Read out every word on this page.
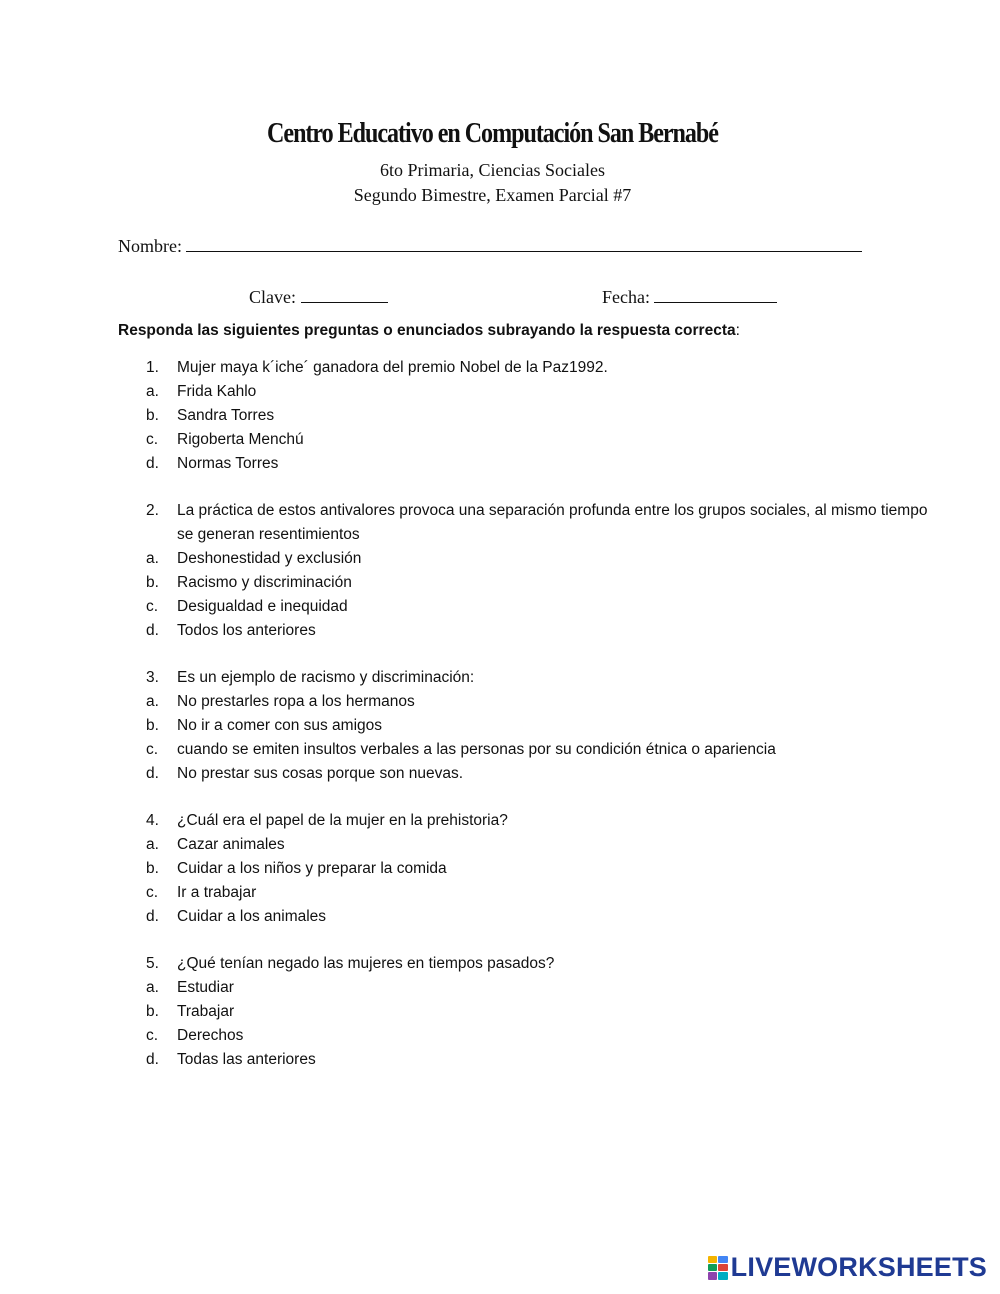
Centro Educativo en Computación San Bernabé
6to Primaria, Ciencias Sociales
Segundo Bimestre, Examen Parcial #7
Nombre:
Clave:	Fecha:
Responda las siguientes preguntas o enunciados subrayando la respuesta correcta:
1.	Mujer maya k´iche´ ganadora del premio Nobel de la Paz1992.
a.	Frida Kahlo
b.	Sandra Torres
c.	Rigoberta Menchú
d.	Normas Torres
2.	La práctica de estos antivalores provoca una separación profunda entre los grupos sociales, al mismo tiempo se generan resentimientos
a.	Deshonestidad y exclusión
b.	Racismo y discriminación
c.	Desigualdad e inequidad
d.	Todos los anteriores
3.	Es un ejemplo de racismo y discriminación:
a.	No prestarles ropa a los hermanos
b.	No ir a comer con sus amigos
c.	cuando se emiten insultos verbales a las personas por su condición étnica o apariencia
d.	No prestar sus cosas porque son nuevas.
4.	¿Cuál era el papel de la mujer en la prehistoria?
a.	Cazar animales
b.	Cuidar a los niños y preparar la comida
c.	Ir a trabajar
d.	Cuidar a los animales
5.	¿Qué tenían negado las mujeres en tiempos pasados?
a.	Estudiar
b.	Trabajar
c.	Derechos
d.	Todas las anteriores
LIVEWORKSHEETS
